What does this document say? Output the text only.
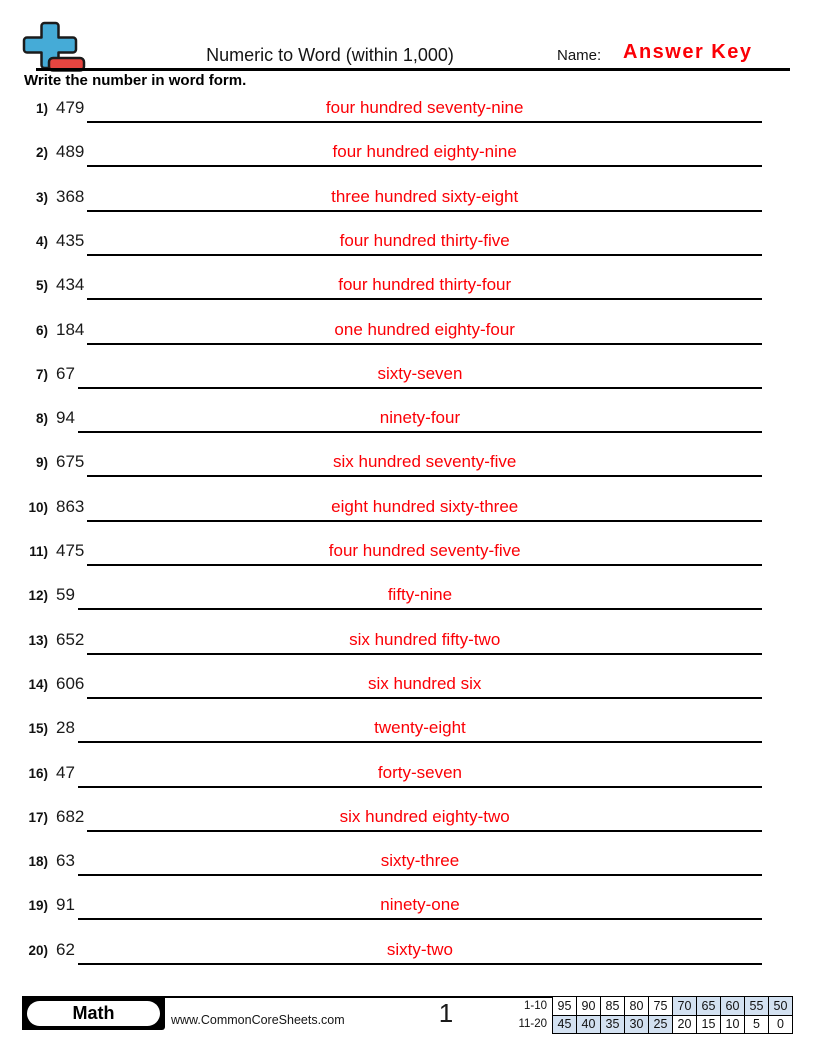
Numeric to Word (within 1,000)	Name: Answer Key
Write the number in word form.
1) 479	four hundred seventy-nine
2) 489	four hundred eighty-nine
3) 368	three hundred sixty-eight
4) 435	four hundred thirty-five
5) 434	four hundred thirty-four
6) 184	one hundred eighty-four
7) 67	sixty-seven
8) 94	ninety-four
9) 675	six hundred seventy-five
10) 863	eight hundred sixty-three
11) 475	four hundred seventy-five
12) 59	fifty-nine
13) 652	six hundred fifty-two
14) 606	six hundred six
15) 28	twenty-eight
16) 47	forty-seven
17) 682	six hundred eighty-two
18) 63	sixty-three
19) 91	ninety-one
20) 62	sixty-two
Math	www.CommonCoreSheets.com	1	1-10	95	90	85	80	75	70	65	60	55	50
11-20	45	40	35	30	25	20	15	10	5	0
